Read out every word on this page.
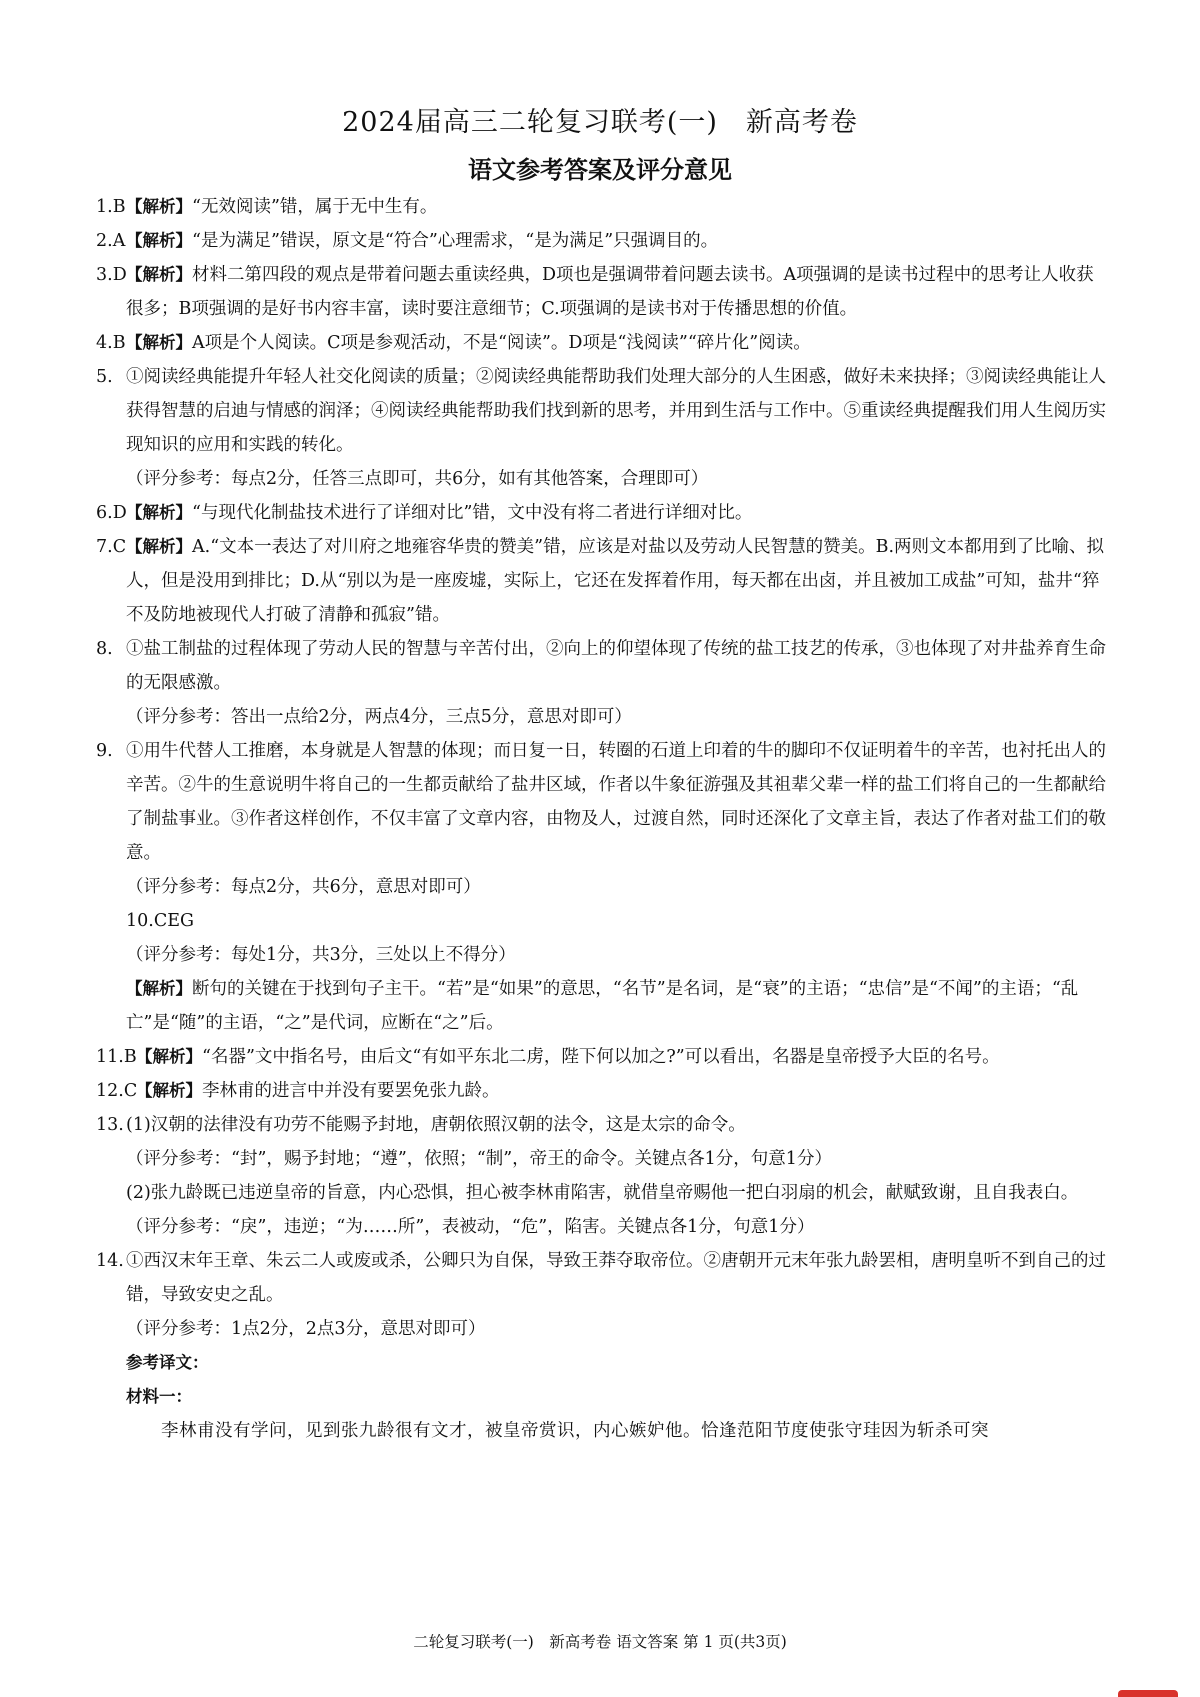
2024届高三二轮复习联考(一)　新高考卷
语文参考答案及评分意见
1.B 【解析】“无效阅读”错，属于无中生有。
2.A 【解析】“是为满足”错误，原文是“符合”心理需求，“是为满足”只强调目的。
3.D 【解析】材料二第四段的观点是带着问题去重读经典，D项也是强调带着问题去读书。A项强调的是读书过程中的思考让人收获很多；B项强调的是好书内容丰富，读时要注意细节；C.项强调的是读书对于传播思想的价值。
4.B 【解析】A项是个人阅读。C项是参观活动，不是“阅读”。D项是“浅阅读”“碎片化”阅读。
5. ①阅读经典能提升年轻人社交化阅读的质量；②阅读经典能帮助我们处理大部分的人生困惑，做好未来抉择；③阅读经典能让人获得智慧的启迪与情感的润泽；④阅读经典能帮助我们找到新的思考，并用到生活与工作中。⑤重读经典提醒我们用人生阅历实现知识的应用和实践的转化。
（评分参考：每点2分，任答三点即可，共6分，如有其他答案，合理即可）
6.D 【解析】“与现代化制盐技术进行了详细对比”错，文中没有将二者进行详细对比。
7.C 【解析】A.“文本一表达了对川府之地雍容华贵的赞美”错，应该是对盐以及劳动人民智慧的赞美。B.两则文本都用到了比喻、拟人，但是没用到排比；D.从“别以为是一座废墟，实际上，它还在发挥着作用，每天都在出卤，并且被加工成盐”可知，盐井“猝不及防地被现代人打破了清静和孤寂”错。
8. ①盐工制盐的过程体现了劳动人民的智慧与辛苦付出，②向上的仰望体现了传统的盐工技艺的传承，③也体现了对井盐养育生命的无限感激。
（评分参考：答出一点给2分，两点4分，三点5分，意思对即可）
9. ①用牛代替人工推磨，本身就是人智慧的体现；而日复一日，转圈的石道上印着的牛的脚印不仅证明着牛的辛苦，也衬托出人的辛苦。②牛的生意说明牛将自己的一生都贡献给了盐井区域，作者以牛象征游强及其祖辈父辈一样的盐工们将自己的一生都献给了制盐事业。③作者这样创作，不仅丰富了文章内容，由物及人，过渡自然，同时还深化了文章主旨，表达了作者对盐工们的敬意。
（评分参考：每点2分，共6分，意思对即可）
10.CEG
（评分参考：每处1分，共3分，三处以上不得分）
【解析】断句的关键在于找到句子主干。“若”是“如果”的意思，“名节”是名词，是“衰”的主语；“忠信”是“不闻”的主语；“乱亡”是“随”的主语，“之”是代词，应断在“之”后。
11.B 【解析】“名器”文中指名号，由后文“有如平东北二虏，陛下何以加之?”可以看出，名器是皇帝授予大臣的名号。
12.C
【解析】李林甫的进言中并没有要罢免张九龄。
13. (1)汉朝的法律没有功劳不能赐予封地，唐朝依照汉朝的法令，这是太宗的命令。
（评分参考：“封”，赐予封地；“遵”，依照；“制”，帝王的命令。关键点各1分，句意1分）
(2)张九龄既已违逆皇帝的旨意，内心恐惧，担心被李林甫陷害，就借皇帝赐他一把白羽扇的机会，献赋致谢，且自我表白。
（评分参考：“戾”，违逆；“为……所”，表被动，“危”，陷害。关键点各1分，句意1分）
14. ①西汉末年王章、朱云二人或废或杀，公卿只为自保，导致王莽夺取帝位。②唐朝开元末年张九龄罢相，唐明皇听不到自己的过错，导致安史之乱。
（评分参考：1点2分，2点3分，意思对即可）
参考译文：
材料一：
李林甫没有学问，见到张九龄很有文才，被皇帝赏识，内心嫉妒他。恰逢范阳节度使张守珪因为斩杀可突
二轮复习联考(一)　新高考卷 语文答案 第 1 页(共3页)
